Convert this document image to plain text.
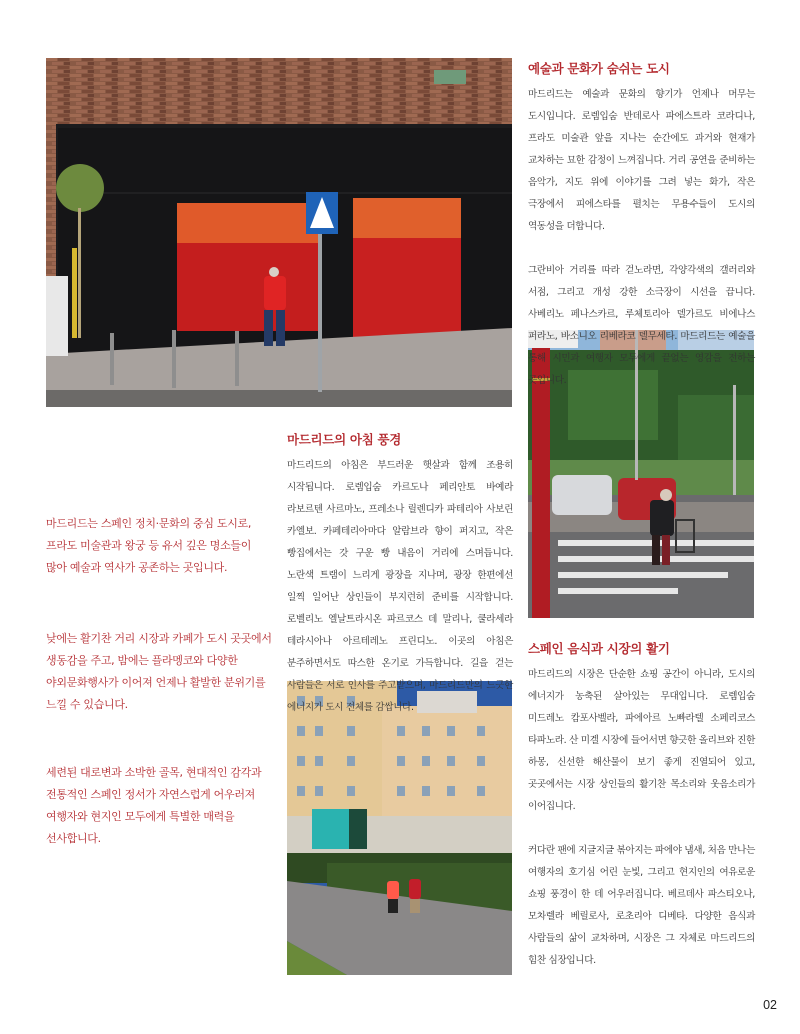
예술과 문화가 숨쉬는 도시

마드리드는 예술과 문화의 향기가 언제나 머무는 도시입니다. 로렘입숨 반데로사 파에스트라 코라디나, 프라도 미술관 앞을 지나는 순간에도 과거와 현재가 교차하는 묘한 감정이 느껴집니다. 거리 공연을 준비하는 음악가, 지도 위에 이야기를 그려 넣는 화가, 작은 극장에서 피에스타를 펼치는 무용수들이 도시의 역동성을 더합니다.

그란비아 거리를 따라 걷노라면, 각양각색의 갤러리와 서점, 그리고 개성 강한 소극장이 시선을 끕니다. 사베리노 페나스카르, 루체토리아 델가르도 비에나스 퍼라노, 바소니오 리베라코 델무세타. 마드리드는 예술을 통해 시민과 여행자 모두에게 끝없는 영감을 전하는 곳입니다.

마드리드의 아침 풍경

마드리드의 아침은 부드러운 햇살과 함께 조용히 시작됩니다. 로렘입숨 카르도나 페리안토 바예라 라보르텐 사르마노, 프레소나 릴렌디카 파테리아 사보린 카엘보. 카페테리아마다 알람브라 향이 퍼지고, 작은 빵집에서는 갓 구운 빵 내음이 거리에 스며듭니다. 노란색 트램이 느리게 광장을 지나며, 광장 한편에선 일찍 일어난 상인들이 부지런히 준비를 시작합니다. 로벨리노 엘날트라시온 파르코스 데 말리나, 쿨라세라 테라시아나 아르테레노 프린디노. 이곳의 아침은 분주하면서도 따스한 온기로 가득합니다. 길을 걷는 사람들은 서로 인사를 주고받으며, 마드리드만의 느긋한 에너지가 도시 전체를 감쌉니다.

스페인 음식과 시장의 활기

마드리드의 시장은 단순한 쇼핑 공간이 아니라, 도시의 에너지가 농축된 살아있는 무대입니다. 로렘입숨 미드레노 캄포사벨라, 파에아르 노빠라텔 소페리코스 타파노라. 산 미겔 시장에 들어서면 향긋한 올리브와 진한 하몽, 신선한 해산물이 보기 좋게 진열되어 있고, 곳곳에서는 시장 상인들의 활기찬 목소리와 웃음소리가 이어집니다.

커다란 팬에 지글지글 볶아지는 파에야 냄새, 처음 만나는 여행자의 호기심 어린 눈빛, 그리고 현지인의 여유로운 쇼핑 풍경이 한 데 어우러집니다. 베르데사 파스티오나, 모차렐라 베릴로사, 로초리아 디베타. 다양한 음식과 사람들의 삶이 교차하며, 시장은 그 자체로 마드리드의 힘찬 심장입니다.

마드리드는 스페인 정치·문화의 중심 도시로, 프라도 미술관과 왕궁 등 유서 깊은 명소들이 많아 예술과 역사가 공존하는 곳입니다.

낮에는 활기찬 거리 시장과 카페가 도시 곳곳에서 생동감을 주고, 밤에는 플라멩코와 다양한 야외문화행사가 이어져 언제나 활발한 분위기를 느낄 수 있습니다.

세련된 대로변과 소박한 골목, 현대적인 감각과 전통적인 스페인 정서가 자연스럽게 어우러져 여행자와 현지인 모두에게 특별한 매력을 선사합니다.

02
